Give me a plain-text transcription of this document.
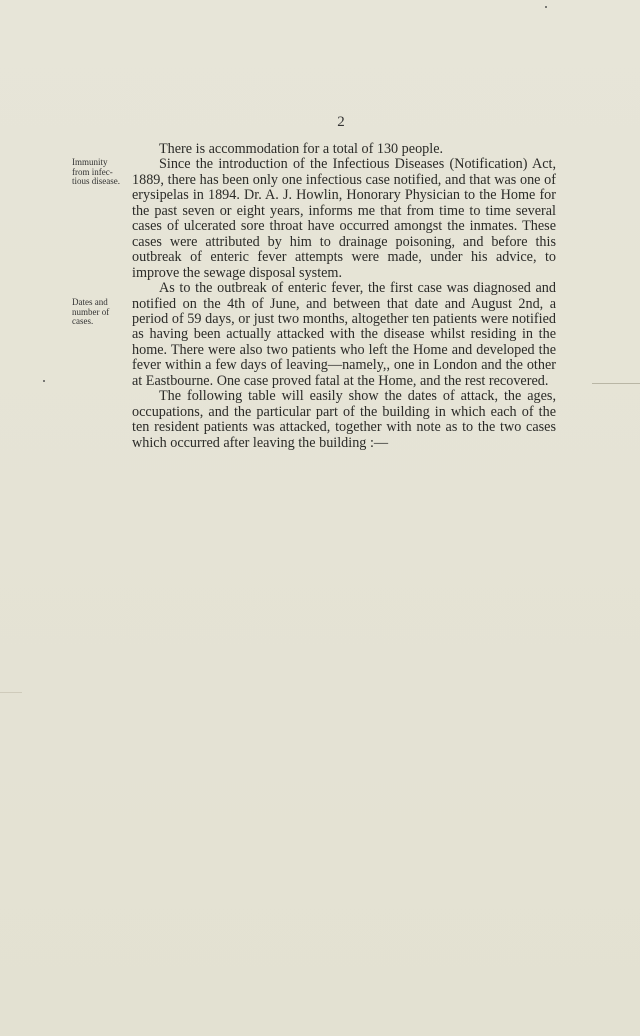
2
Immunity
from infec-
tious disease.
Dates and
number of
cases.

There is accommodation for a total of 130 people.

Since the introduction of the Infectious Diseases (Notification) Act, 1889, there has been only one infectious case notified, and that was one of erysipelas in 1894. Dr. A. J. Howlin, Honorary Physician to the Home for the past seven or eight years, informs me that from time to time several cases of ulcerated sore throat have occurred amongst the inmates. These cases were attributed by him to drainage poisoning, and before this outbreak of enteric fever attempts were made, under his advice, to improve the sewage disposal system.

As to the outbreak of enteric fever, the first case was diagnosed and notified on the 4th of June, and between that date and August 2nd, a period of 59 days, or just two months, altogether ten patients were notified as having been actually attacked with the disease whilst residing in the home. There were also two patients who left the Home and developed the fever within a few days of leaving—namely,, one in London and the other at Eastbourne. One case proved fatal at the Home, and the rest recovered.

The following table will easily show the dates of attack, the ages, occupations, and the particular part of the building in which each of the ten resident patients was attacked, together with note as to the two cases which occurred after leaving the building :—
